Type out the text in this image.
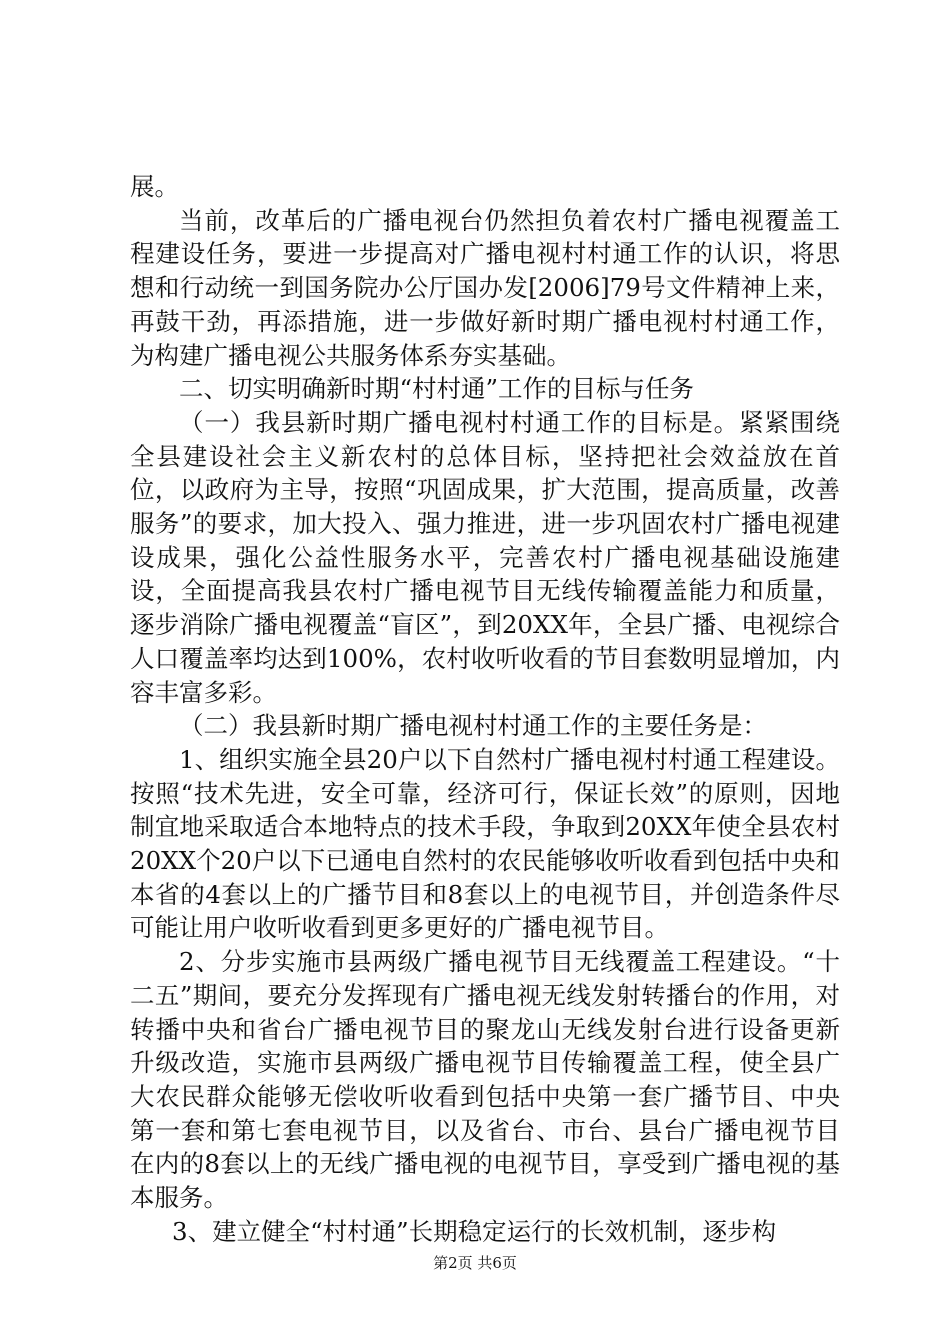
展。

当前，改革后的广播电视台仍然担负着农村广播电视覆盖工程建设任务，要进一步提高对广播电视村村通工作的认识，将思想和行动统一到国务院办公厅国办发[2006]79号文件精神上来，再鼓干劲，再添措施，进一步做好新时期广播电视村村通工作，为构建广播电视公共服务体系夯实基础。

二、切实明确新时期“村村通”工作的目标与任务

（一）我县新时期广播电视村村通工作的目标是。紧紧围绕全县建设社会主义新农村的总体目标，坚持把社会效益放在首位，以政府为主导，按照“巩固成果，扩大范围，提高质量，改善服务”的要求，加大投入、强力推进，进一步巩固农村广播电视建设成果，强化公益性服务水平，完善农村广播电视基础设施建设，全面提高我县农村广播电视节目无线传输覆盖能力和质量，逐步消除广播电视覆盖“盲区”，到20XX年，全县广播、电视综合人口覆盖率均达到100%，农村收听收看的节目套数明显增加，内容丰富多彩。

（二）我县新时期广播电视村村通工作的主要任务是：

1、组织实施全县20户以下自然村广播电视村村通工程建设。按照“技术先进，安全可靠，经济可行，保证长效”的原则，因地制宜地采取适合本地特点的技术手段，争取到20XX年使全县农村20XX个20户以下已通电自然村的农民能够收听收看到包括中央和本省的4套以上的广播节目和8套以上的电视节目，并创造条件尽可能让用户收听收看到更多更好的广播电视节目。

2、分步实施市县两级广播电视节目无线覆盖工程建设。“十二五”期间，要充分发挥现有广播电视无线发射转播台的作用，对转播中央和省台广播电视节目的聚龙山无线发射台进行设备更新升级改造，实施市县两级广播电视节目传输覆盖工程，使全县广大农民群众能够无偿收听收看到包括中央第一套广播节目、中央第一套和第七套电视节目，以及省台、市台、县台广播电视节目在内的8套以上的无线广播电视的电视节目，享受到广播电视的基本服务。

3、建立健全“村村通”长期稳定运行的长效机制，逐步构

第2页 共6页
